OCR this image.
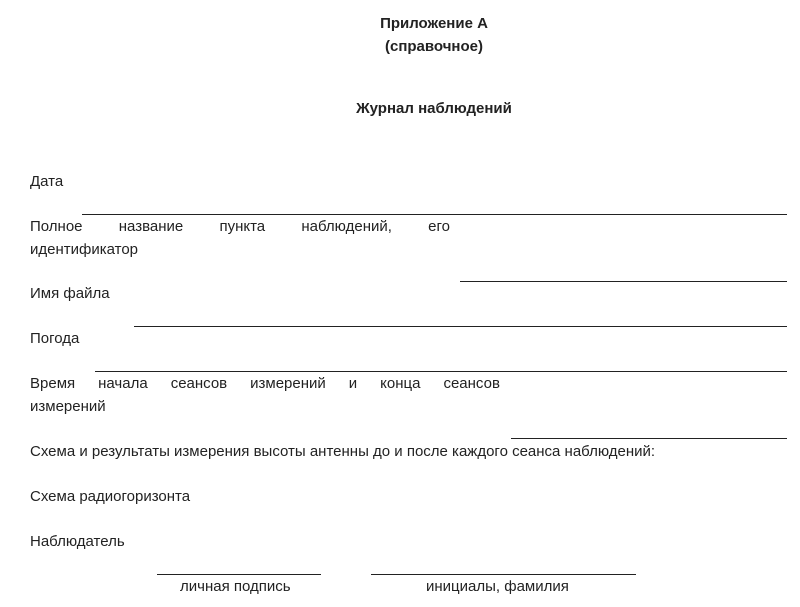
Приложение А
(справочное)
Журнал наблюдений
Дата
Полное название пункта наблюдений, его
идентификатор
Имя файла
Погода
Время начала сеансов измерений и конца сеансов
измерений
Схема и результаты измерения высоты антенны до и после каждого сеанса наблюдений:
Схема радиогоризонта
Наблюдатель
личная подпись	инициалы, фамилия
